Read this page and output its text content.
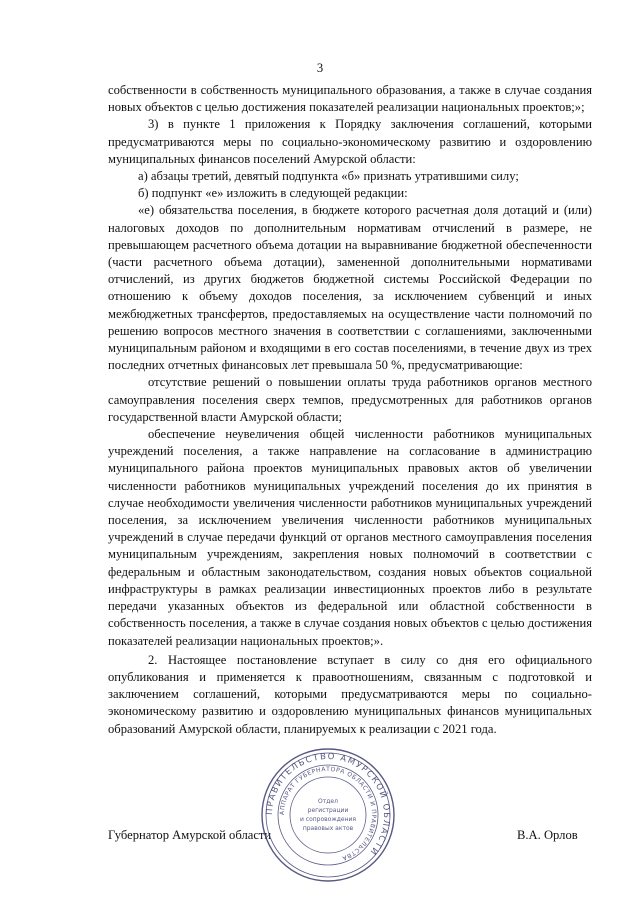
3

собственности в собственность муниципального образования, а также в случае создания новых объектов с целью достижения показателей реализации национальных проектов;»;

3) в пункте 1 приложения к Порядку заключения соглашений, которыми предусматриваются меры по социально-экономическому развитию и оздоровлению муниципальных финансов поселений Амурской области:

а) абзацы третий, девятый подпункта «б» признать утратившими силу;

б) подпункт «е» изложить в следующей редакции:

«е) обязательства поселения, в бюджете которого расчетная доля дотаций и (или) налоговых доходов по дополнительным нормативам отчислений в размере, не превышающем расчетного объема дотации на выравнивание бюджетной обеспеченности (части расчетного объема дотации), замененной дополнительными нормативами отчислений, из других бюджетов бюджетной системы Российской Федерации по отношению к объему доходов поселения, за исключением субвенций и иных межбюджетных трансфертов, предоставляемых на осуществление части полномочий по решению вопросов местного значения в соответствии с соглашениями, заключенными муниципальным районом и входящими в его состав поселениями, в течение двух из трех последних отчетных финансовых лет превышала 50 %, предусматривающие:

отсутствие решений о повышении оплаты труда работников органов местного самоуправления поселения сверх темпов, предусмотренных для работников органов государственной власти Амурской области;

обеспечение неувеличения общей численности работников муниципальных учреждений поселения, а также направление на согласование в администрацию муниципального района проектов муниципальных правовых актов об увеличении численности работников муниципальных учреждений поселения до их принятия в случае необходимости увеличения численности работников муниципальных учреждений поселения, за исключением увеличения численности работников муниципальных учреждений в случае передачи функций от органов местного самоуправления поселения муниципальным учреждениям, закрепления новых полномочий в соответствии с федеральным и областным законодательством, создания новых объектов социальной инфраструктуры в рамках реализации инвестиционных проектов либо в результате передачи указанных объектов из федеральной или областной собственности в собственность поселения, а также в случае создания новых объектов с целью достижения показателей реализации национальных проектов;».

2. Настоящее постановление вступает в силу со дня его официального опубликования и применяется к правоотношениям, связанным с подготовкой и заключением соглашений, которыми предусматриваются меры по социально-экономическому развитию и оздоровлению муниципальных финансов муниципальных образований Амурской области, планируемых к реализации с 2021 года.

Губернатор Амурской области	В.А. Орлов
ПРАВИТЕЛЬСТВО АМУРСКОЙ ОБЛАСТИ
АППАРАТ ГУБЕРНАТОРА ОБЛАСТИ И ПРАВИТЕЛЬСТВА
Отдел
регистрации
и сопровождения
правовых актов
